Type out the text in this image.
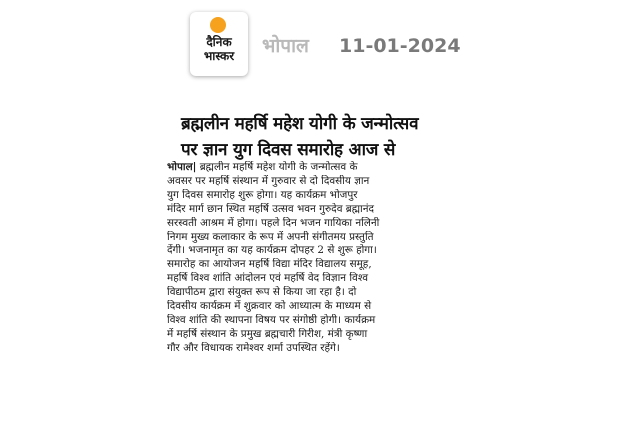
दैनिक
भास्कर	भोपाल 11-01-2024
ब्रह्मलीन महर्षि महेश योगी के जन्मोत्सव
पर ज्ञान युग दिवस समारोह आज से
भोपाल| ब्रह्मलीन महर्षि महेश योगी के जन्मोत्सव के
अवसर पर महर्षि संस्थान में गुरुवार से दो दिवसीय ज्ञान
युग दिवस समारोह शुरू होगा। यह कार्यक्रम भोजपुर
मंदिर मार्ग छान स्थित महर्षि उत्सव भवन गुरुदेव ब्रह्मानंद
सरस्वती आश्रम में होगा। पहले दिन भजन गायिका नलिनी
निगम मुख्य कलाकार के रूप में अपनी संगीतमय प्रस्तुति
देंगी। भजनामृत का यह कार्यक्रम दोपहर 2 से शुरू होगा।
समारोह का आयोजन महर्षि विद्या मंदिर विद्यालय समूह,
महर्षि विश्व शांति आंदोलन एवं महर्षि वेद विज्ञान विश्व
विद्यापीठम द्वारा संयुक्त रूप से किया जा रहा है। दो
दिवसीय कार्यक्रम में शुक्रवार को आध्यात्म के माध्यम से
विश्व शांति की स्थापना विषय पर संगोष्ठी होगी। कार्यक्रम
में महर्षि संस्थान के प्रमुख ब्रह्मचारी गिरीश, मंत्री कृष्णा
गौर और विधायक रामेश्वर शर्मा उपस्थित रहेंगे।
